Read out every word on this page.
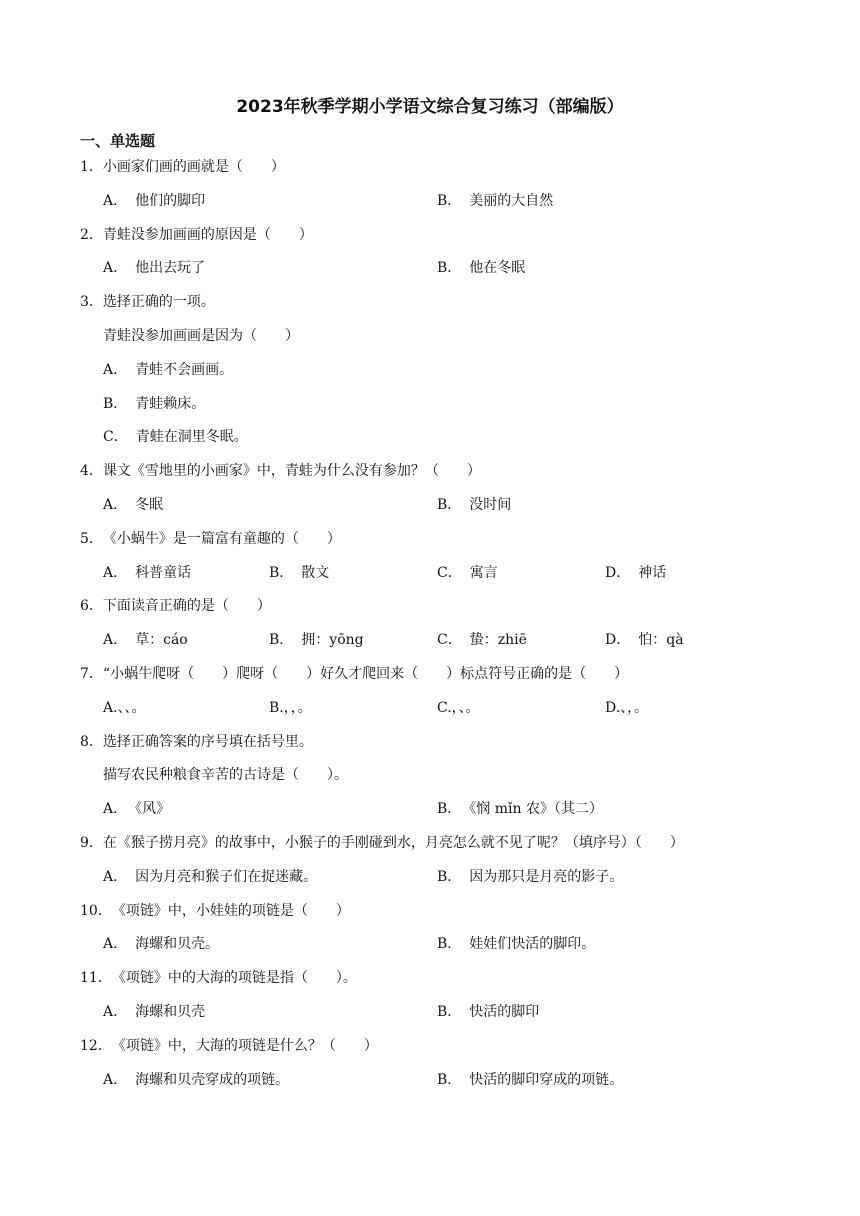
2023年秋季学期小学语文综合复习练习（部编版）
一、单选题
1．小画家们画的画就是（　　）
A． 他们的脚印	B． 美丽的大自然
2．青蛙没参加画画的原因是（　　）
A． 他出去玩了	B． 他在冬眠
3．选择正确的一项。
青蛙没参加画画是因为（　　）
A． 青蛙不会画画。
B． 青蛙赖床。
C． 青蛙在洞里冬眠。
4．课文《雪地里的小画家》中，青蛙为什么没有参加？（　　）
A． 冬眠	B． 没时间
5．《小蜗牛》是一篇富有童趣的（　　）
A． 科普童话	B． 散文	C． 寓言	D． 神话
6．下面读音正确的是（　　）
A． 草：cáo	B． 拥：yōng	C． 蛰：zhiē	D． 怕：qà
7．“小蜗牛爬呀（　　）爬呀（　　）好久才爬回来（　　）标点符号正确的是（　　）
A.、、。	B.，，。	C.，、。	D.、，。
8．选择正确答案的序号填在括号里。
描写农民种粮食辛苦的古诗是（　　）。
A． 《风》	B． 《悯 mǐn 农》（其二）
9．在《猴子捞月亮》的故事中，小猴子的手刚碰到水，月亮怎么就不见了呢？（填序号）（　　）
A． 因为月亮和猴子们在捉迷藏。	B． 因为那只是月亮的影子。
10．《项链》中，小娃娃的项链是（　　）
A． 海螺和贝壳。	B． 娃娃们快活的脚印。
11．《项链》中的大海的项链是指（　　）。
A． 海螺和贝壳	B． 快活的脚印
12．《项链》中，大海的项链是什么？（　　）
A． 海螺和贝壳穿成的项链。	B． 快活的脚印穿成的项链。
